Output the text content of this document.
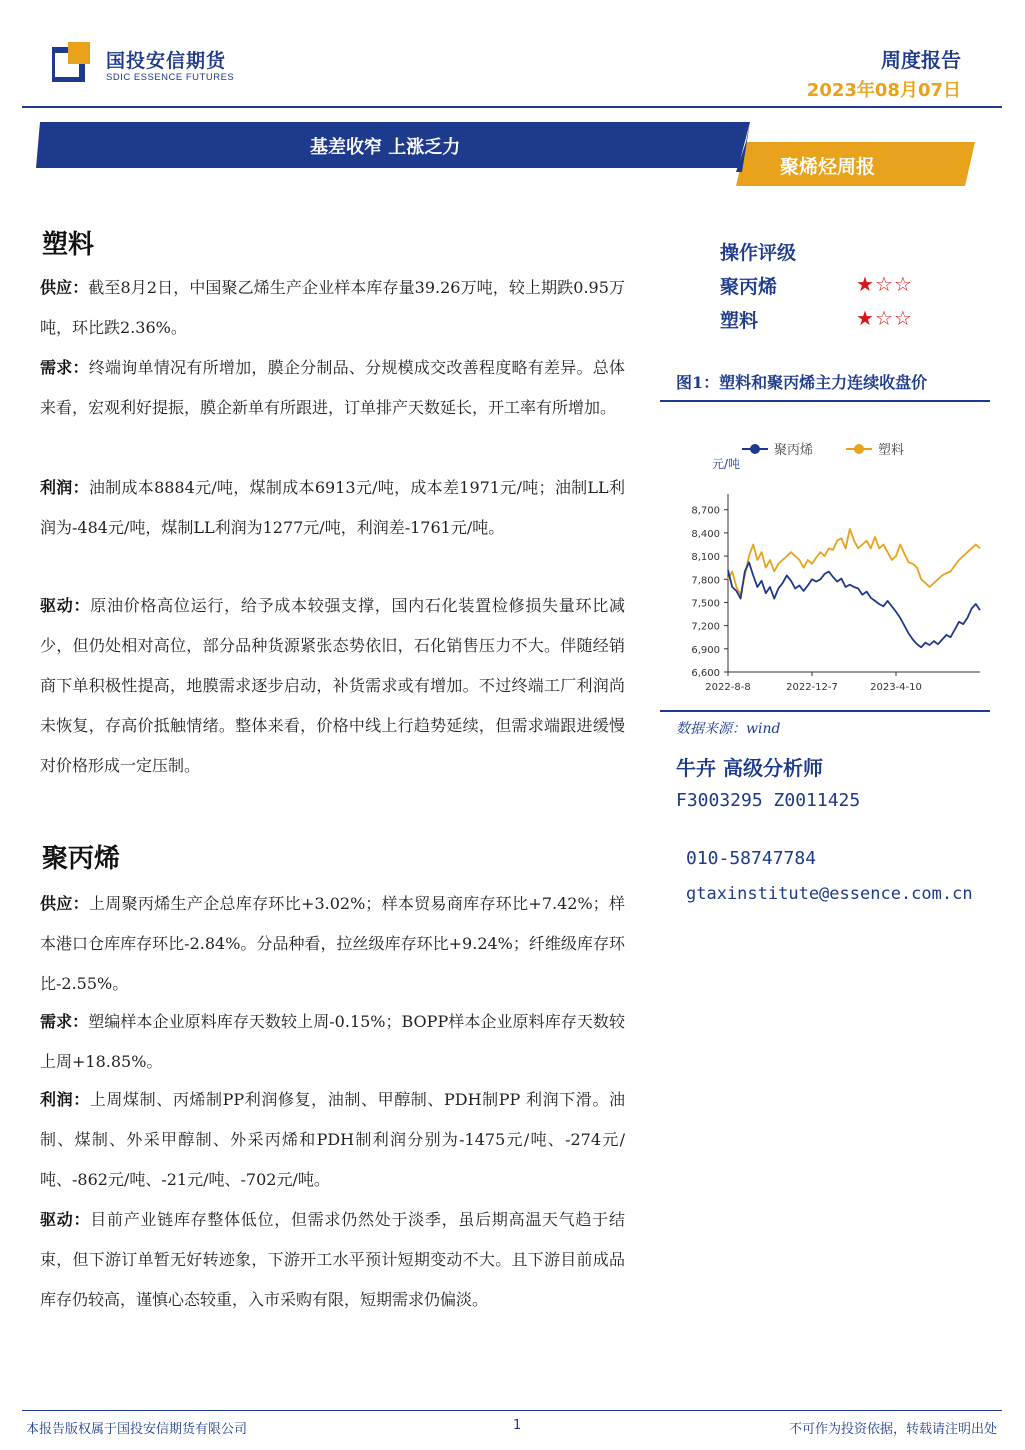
国投安信期货
SDIC ESSENCE FUTURES
周度报告
2023年08月07日
基差收窄 上涨乏力
聚烯烃周报
塑料
供应：截至8月2日，中国聚乙烯生产企业样本库存量39.26万吨，较上期跌0.95万吨，环比跌2.36%。
需求：终端询单情况有所增加，膜企分制品、分规模成交改善程度略有差异。总体来看，宏观利好提振，膜企新单有所跟进，订单排产天数延长，开工率有所增加。
利润：油制成本8884元/吨，煤制成本6913元/吨，成本差1971元/吨；油制LL利润为-484元/吨，煤制LL利润为1277元/吨，利润差-1761元/吨。
驱动：原油价格高位运行，给予成本较强支撑，国内石化装置检修损失量环比减少，但仍处相对高位，部分品种货源紧张态势依旧，石化销售压力不大。伴随经销商下单积极性提高，地膜需求逐步启动，补货需求或有增加。不过终端工厂利润尚未恢复，存高价抵触情绪。整体来看，价格中线上行趋势延续，但需求端跟进缓慢对价格形成一定压制。
聚丙烯
供应：上周聚丙烯生产企总库存环比+3.02%；样本贸易商库存环比+7.42%；样本港口仓库库存环比-2.84%。分品种看，拉丝级库存环比+9.24%；纤维级库存环比-2.55%。
需求：塑编样本企业原料库存天数较上周-0.15%；BOPP样本企业原料库存天数较上周+18.85%。
利润：上周煤制、丙烯制PP利润修复，油制、甲醇制、PDH制PP 利润下滑。油制、煤制、外采甲醇制、外采丙烯和PDH制利润分别为-1475元/吨、-274元/吨、-862元/吨、-21元/吨、-702元/吨。
驱动：目前产业链库存整体低位，但需求仍然处于淡季，虽后期高温天气趋于结束，但下游订单暂无好转迹象，下游开工水平预计短期变动不大。且下游目前成品库存仍较高，谨慎心态较重，入市采购有限，短期需求仍偏淡。
操作评级
聚丙烯	★☆☆
塑料	★☆☆
图1：塑料和聚丙烯主力连续收盘价
聚丙烯	塑料
元/吨
6,600
6,900
7,200
7,500
7,800
8,100
8,400
8,700
2022-8-8	2022-12-7	2023-4-10
数据来源：wind
牛卉 高级分析师
F3003295 Z0011425
010-58747784
gtaxinstitute@essence.com.cn
本报告版权属于国投安信期货有限公司	1	不可作为投资依据，转载请注明出处
